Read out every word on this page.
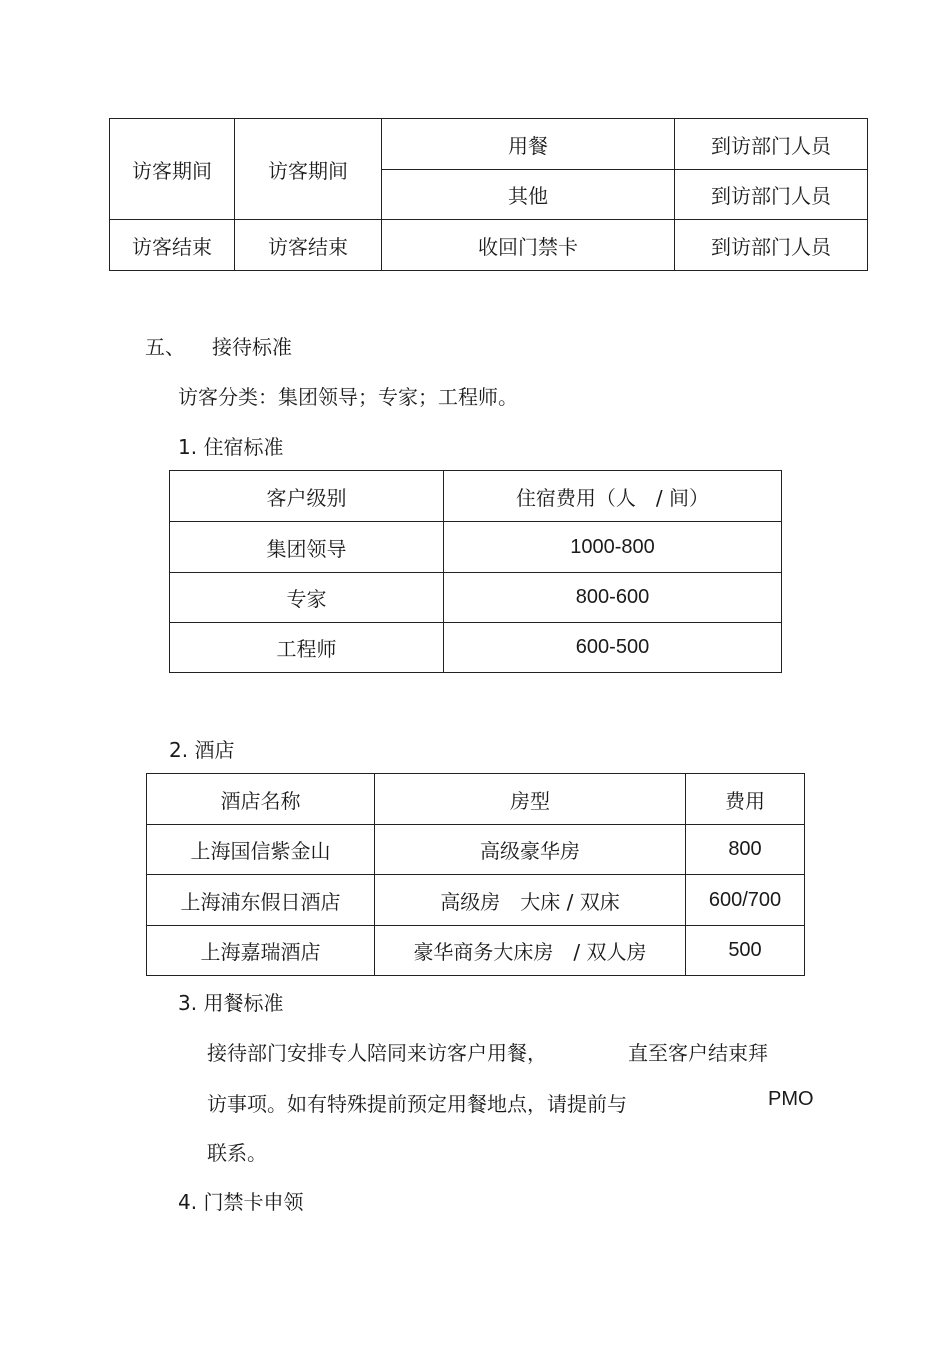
访客期间	访客期间	用餐	到访部门人员
		其他	到访部门人员
访客结束	访客结束	收回门禁卡	到访部门人员
五、 接待标准
访客分类：集团领导；专家；工程师。
1. 住宿标准
客户级别	住宿费用（人　/ 间）
集团领导	1000-800
专家	800-600
工程师	600-500
2. 酒店
酒店名称	房型	费用
上海国信紫金山	高级豪华房	800
上海浦东假日酒店	高级房　大床 / 双床	600/700
上海嘉瑞酒店	豪华商务大床房　/ 双人房	500
3. 用餐标准
接待部门安排专人陪同来访客户用餐，	直至客户结束拜
访事项。如有特殊提前预定用餐地点，请提前与	PMO
联系。
4. 门禁卡申领
